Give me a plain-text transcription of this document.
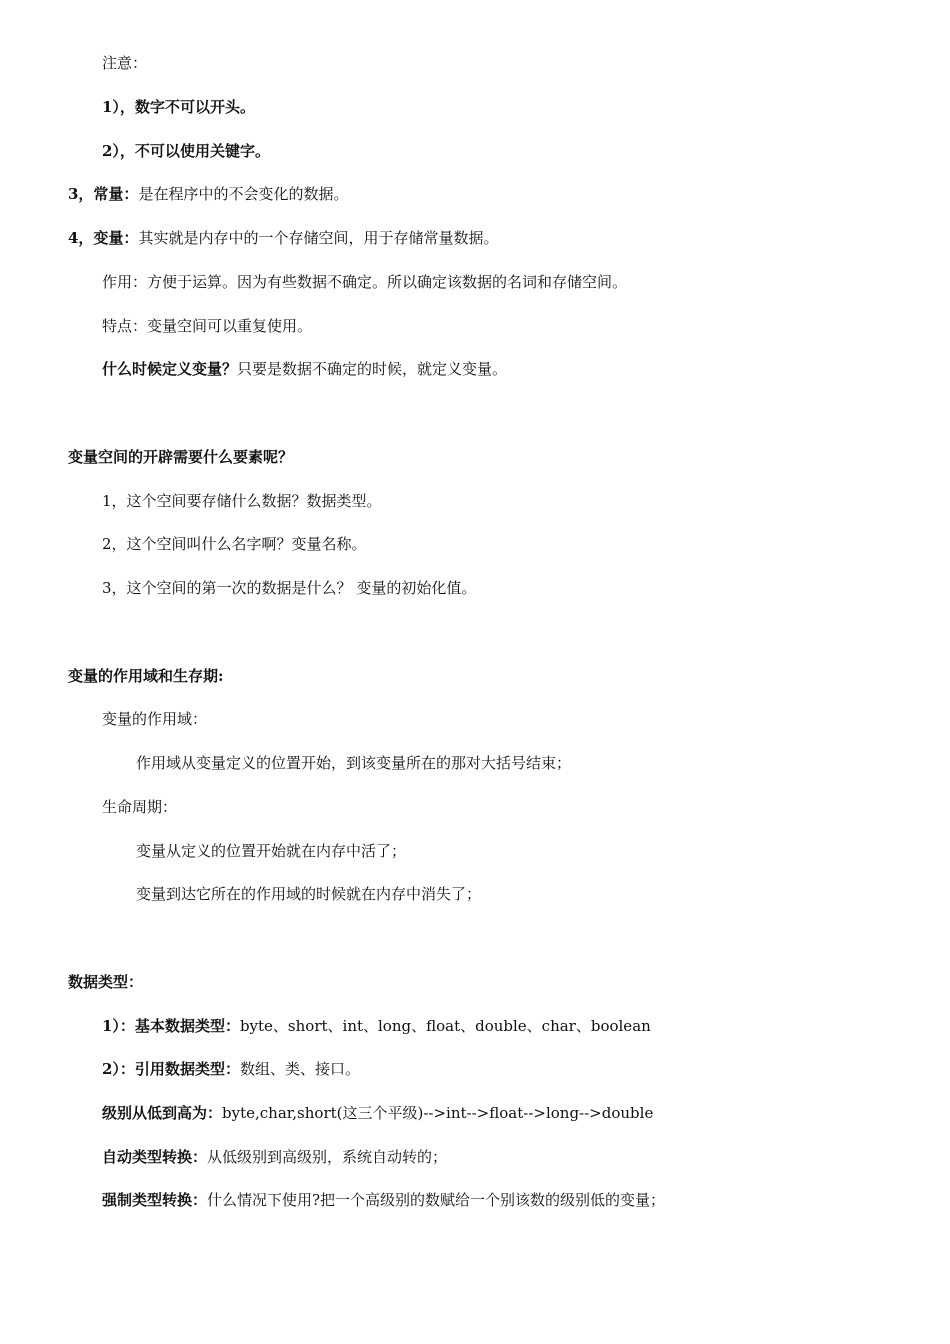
注意：
1），数字不可以开头。
2），不可以使用关键字。
3，常量：是在程序中的不会变化的数据。
4，变量：其实就是内存中的一个存储空间，用于存储常量数据。
作用：方便于运算。因为有些数据不确定。所以确定该数据的名词和存储空间。
特点：变量空间可以重复使用。
什么时候定义变量？只要是数据不确定的时候，就定义变量。
变量空间的开辟需要什么要素呢？
1，这个空间要存储什么数据？数据类型。
2，这个空间叫什么名字啊？变量名称。
3，这个空间的第一次的数据是什么？ 变量的初始化值。
变量的作用域和生存期:
变量的作用域：
作用域从变量定义的位置开始，到该变量所在的那对大括号结束；
生命周期：
变量从定义的位置开始就在内存中活了；
变量到达它所在的作用域的时候就在内存中消失了；
数据类型：
1）：基本数据类型：byte、short、int、long、float、double、char、boolean
2）：引用数据类型：数组、类、接口。
级别从低到高为：byte,char,short(这三个平级)-->int-->float-->long-->double
自动类型转换：从低级别到高级别，系统自动转的；
强制类型转换：什么情况下使用?把一个高级别的数赋给一个别该数的级别低的变量；
